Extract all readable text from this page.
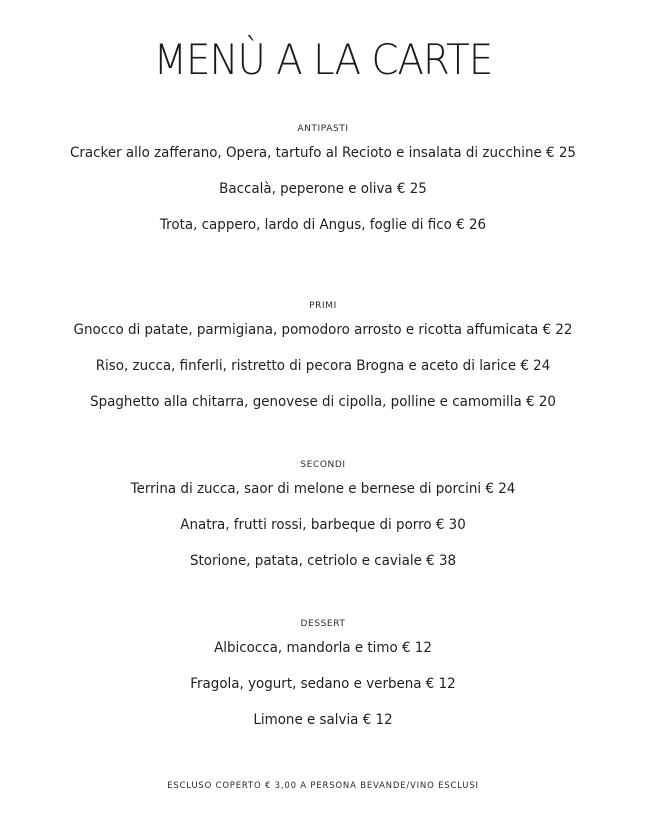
MENÙ A LA CARTE
ANTIPASTI
Cracker allo zafferano, Opera, tartufo al Recioto e insalata di zucchine € 25
Baccalà, peperone e oliva € 25
Trota, cappero, lardo di Angus, foglie di fico € 26
PRIMI
Gnocco di patate, parmigiana, pomodoro arrosto e ricotta affumicata € 22
Riso, zucca, finferli, ristretto di pecora Brogna e aceto di larice € 24
Spaghetto alla chitarra, genovese di cipolla, polline e camomilla € 20
SECONDI
Terrina di zucca, saor di melone e bernese di porcini € 24
Anatra, frutti rossi, barbeque di porro € 30
Storione, patata, cetriolo e caviale € 38
DESSERT
Albicocca, mandorla e timo € 12
Fragola, yogurt, sedano e verbena € 12
Limone e salvia € 12
ESCLUSO COPERTO € 3,00 A PERSONA BEVANDE/VINO ESCLUSI
